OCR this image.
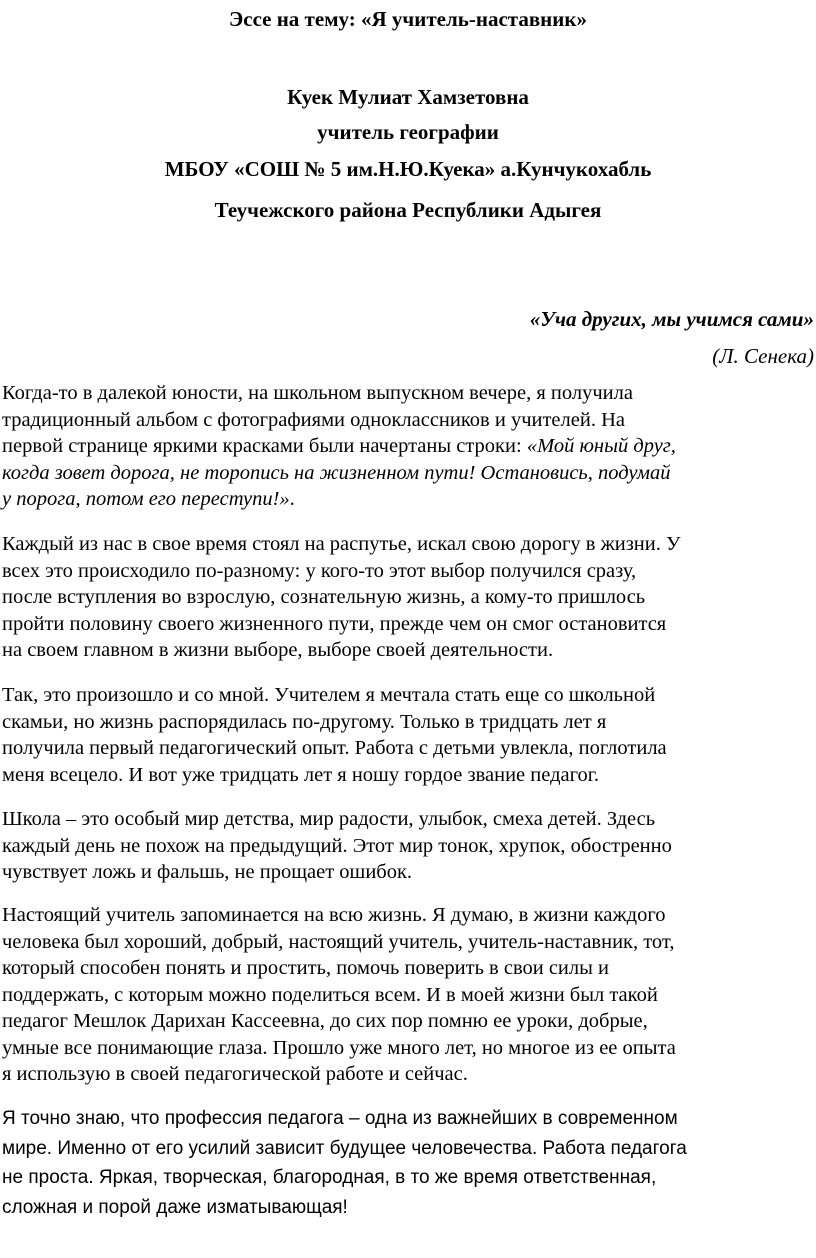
Эссе на тему: «Я учитель-наставник»
Куек Мулиат Хамзетовна
учитель географии
МБОУ «СОШ № 5 им.Н.Ю.Куека» а.Кунчукохабль
Теучежского района Республики Адыгея
«Уча других, мы учимся сами»
(Л. Сенека)
Когда-то в далекой юности, на школьном выпускном вечере, я получила
традиционный альбом с фотографиями одноклассников и учителей. На
первой странице яркими красками были начертаны строки: «Мой юный друг,
когда зовет дорога, не торопись на жизненном пути! Остановись, подумай
у порога, потом его переступи!».
Каждый из нас в свое время стоял на распутье, искал свою дорогу в жизни. У
всех это происходило по-разному: у кого-то этот выбор получился сразу,
после вступления во взрослую, сознательную жизнь, а кому-то пришлось
пройти половину своего жизненного пути, прежде чем он смог остановится
на своем главном в жизни выборе, выборе своей деятельности.
Так, это произошло и со мной. Учителем я мечтала стать еще со школьной
скамьи, но жизнь распорядилась по-другому. Только в тридцать лет я
получила первый педагогический опыт. Работа с детьми увлекла, поглотила
меня всецело. И вот уже тридцать лет я ношу гордое звание педагог.
Школа – это особый мир детства, мир радости, улыбок, смеха детей. Здесь
каждый день не похож на предыдущий. Этот мир тонок, хрупок, обостренно
чувствует ложь и фальшь, не прощает ошибок.
Настоящий учитель запоминается на всю жизнь. Я думаю, в жизни каждого
человека был хороший, добрый, настоящий учитель, учитель-наставник, тот,
который способен понять и простить, помочь поверить в свои силы и
поддержать, с которым можно поделиться всем. И в моей жизни был такой
педагог Мешлок Дарихан Кассеевна, до сих пор помню ее уроки, добрые,
умные все понимающие глаза. Прошло уже много лет, но многое из ее опыта
я использую в своей педагогической работе и сейчас.
Я точно знаю, что профессия педагога – одна из важнейших в современном
мире. Именно от его усилий зависит будущее человечества. Работа педагога
не проста. Яркая, творческая, благородная, в то же время ответственная,
сложная и порой даже изматывающая!
